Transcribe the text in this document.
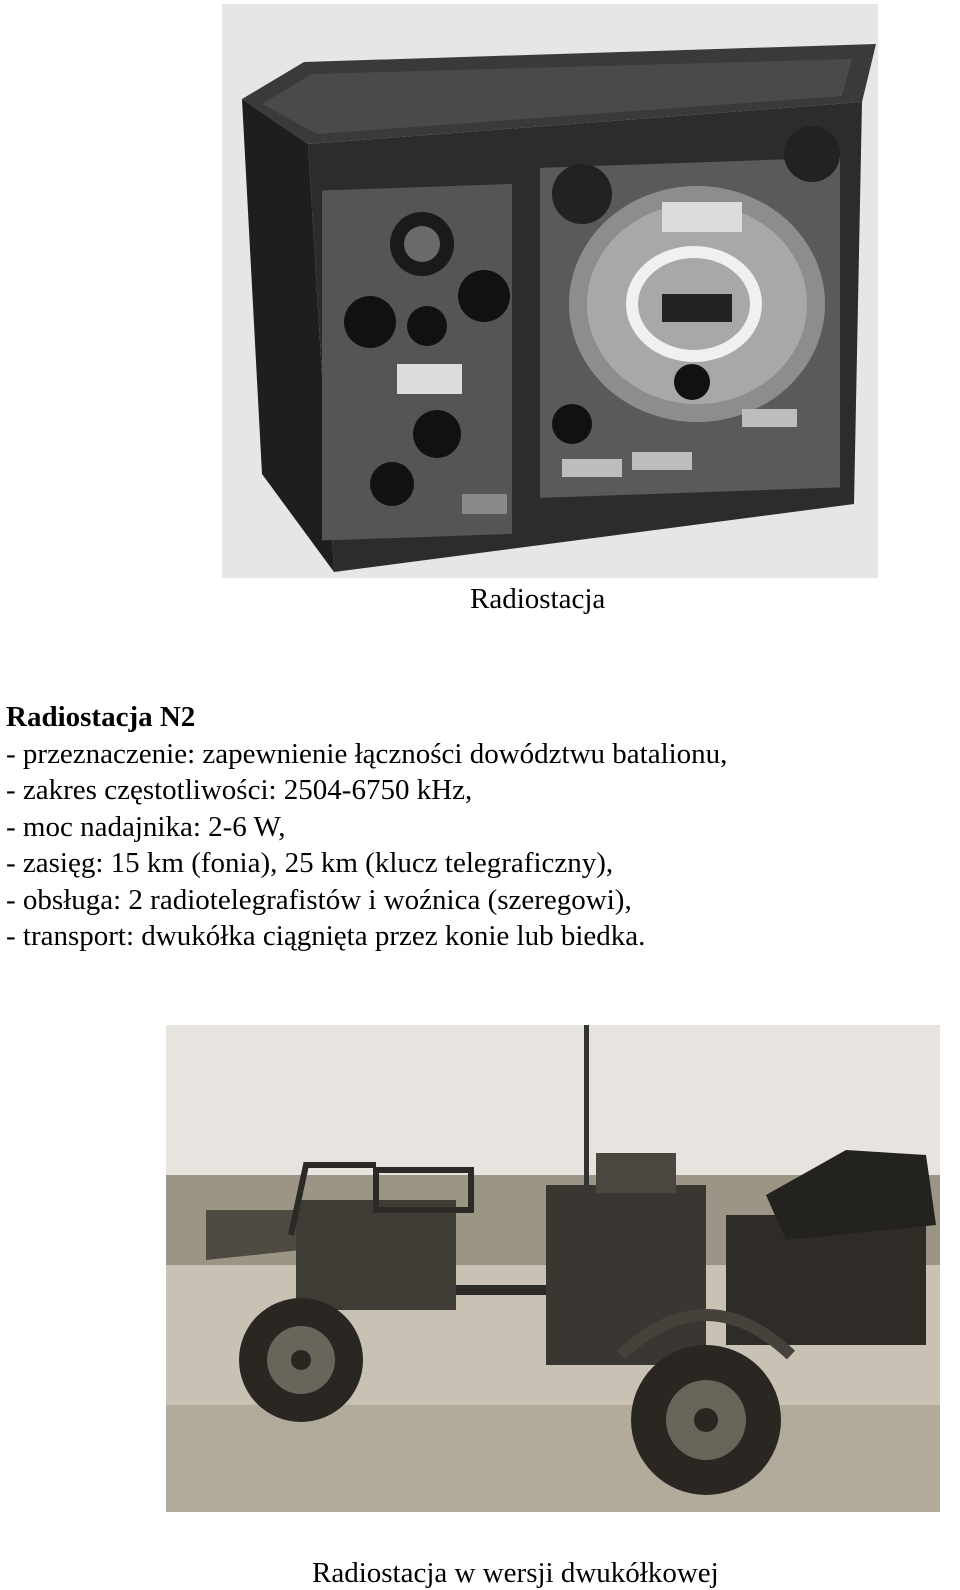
Radiostacja

Radiostacja N2

- przeznaczenie: zapewnienie łączności dowództwu batalionu,
- zakres częstotliwości: 2504-6750 kHz,
- moc nadajnika: 2-6 W,
- zasięg: 15 km (fonia), 25 km (klucz telegraficzny),
- obsługa: 2 radiotelegrafistów i woźnica (szeregowi),
- transport: dwukółka ciągnięta przez konie lub biedka.
Radiostacja w wersji dwukółkowej
